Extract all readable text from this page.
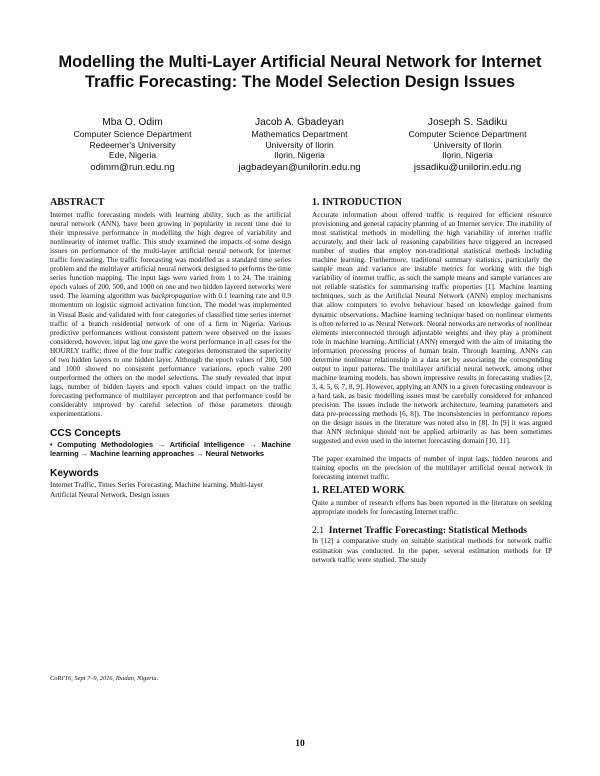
Modelling the Multi-Layer Artificial Neural Network for Internet Traffic Forecasting: The Model Selection Design Issues
Mba O. Odim
Computer Science Department
Redeemer's University
Ede, Nigeria
odimm@run.edu.ng
Jacob A. Gbadeyan
Mathematics Department
University of Ilorin
Ilorin, Nigeria
jagbadeyan@unilorin.edu.ng
Joseph S. Sadiku
Computer Science Department
University of Ilorin
Ilorin, Nigeria
jssadiku@unilorin.edu.ng
ABSTRACT
Internet traffic forecasting models with learning ability, such as the artificial neural network (ANN), have been growing in popularity in recent time due to their impressive performance in modelling the high degree of variability and nonlinearity of internet traffic. This study examined the impacts of some design issues on performance of the multi-layer artificial neural network for internet traffic forecasting. The traffic forecasting was modelled as a standard time series problem and the multilayer artificial neural network designed to performs the time series function mapping. The input lags were varied from 1 to 24. The training epoch values of 200, 500, and 1000 on one and two hidden layered networks were used. The learning algorithm was backpropagation with 0.1 learning rate and 0.9 momentum on logistic sigmoid activation function. The model was implemented in Visual Basic and validated with four categories of classified time series internet traffic of a branch residential network of one of a firm in Nigeria. Various predictive performances without consistent pattern were observed on the issues considered, however, input lag one gave the worst performance in all cases for the HOURLY traffic; three of the four traffic categories demonstrated the superiority of two hidden layers to one hidden layer. Although the epoch values of 200, 500 and 1000 showed no consistent performance variations, epoch value 200 outperformed the others on the model selections. The study revealed that input lags, number of hidden layers and epoch values could impact on the traffic forecasting performance of multilayer perceptron and that performance could be considerably improved by careful selection of those parameters through experimentations.
CCS Concepts
• Computing Methodologies → Artificial Intelligence → Machine learning → Machine learning approaches → Neural Networks
Keywords
Internet Traffic, Times Series Forecasting, Machine learning, Multi-layer Artificial Neural Network, Design issues
CoRI'16, Sept 7–9, 2016, Ibadan, Nigeria.
1. INTRODUCTION
Accurate information about offered traffic is required for efficient resource provisioning and general capacity planning of an Internet service. The inability of most statistical methods in modelling the high variability of internet traffic accurately, and their lack of reasoning capabilities have triggered an increased number of studies that employ non-traditional statistical methods including machine learning. Furthermore, traditional summary statistics, particularly the sample mean and variance are instable metrics for working with the high variability of internet traffic, as such the sample means and sample variances are not reliable statistics for summarising traffic properties [1]. Machine learning techniques, such as the Artificial Neural Network (ANN) employ mechanisms that allow computers to evolve behaviour based on knowledge gained from dynamic observations. Machine learning technique based on nonlinear elements is often referred to as Neural Network. Neural networks are networks of nonlinear elements interconnected through adjustable weights and they play a prominent role in machine learning. Artificial (ANN) emerged with the aim of imitating the information processing process of human brain. Through learning, ANNs can determine nonlinear relationship in a data set by associating the corresponding output to input patterns. The multilayer artificial neural network, among other machine learning models, has shown impressive results in forecasting studies [2, 3, 4, 5, 6, 7, 8, 9]. However, applying an ANN to a given forecasting endeavour is a hard task, as basic modelling issues must be carefully considered for enhanced precision. The issues include the network architecture, learning parameters and data pre-processing methods [6, 8]). The inconsistencies in performance reports on the design issues in the literature was noted also in [8]. In [9] it was argued that ANN technique should not be applied arbitrarily as has been sometimes suggested and even used in the internet forecasting domain [10, 11].
The paper examined the impacts of number of input lags, hidden neurons and training epochs on the precision of the multilayer artificial neural network in forecasting internet traffic.
1. RELATED WORK
Quite a number of research efforts has been reported in the literature on seeking appropriate models for forecasting Internet traffic.
2.1 Internet Traffic Forecasting: Statistical Methods
In [12] a comparative study on suitable statistical methods for network traffic estimation was conducted. In the paper, several estimation methods for IP network traffic were studied. The study
10
